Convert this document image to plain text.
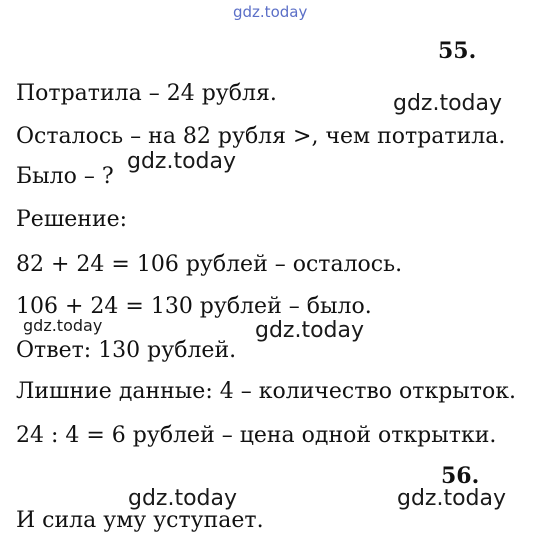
gdz.today
55.
Потратила – 24 рубля.	gdz.today
Осталось – на 82 рубля >, чем потратила.
Было – ?
gdz.today
Решение:
82 + 24 = 106 рублей – осталось.
106 + 24 = 130 рублей – было.
gdz.today	gdz.today
Ответ: 130 рублей.
Лишние данные: 4 – количество открыток.
24 : 4 = 6 рублей – цена одной открытки.
56.
gdz.today	gdz.today
И сила уму уступает.
